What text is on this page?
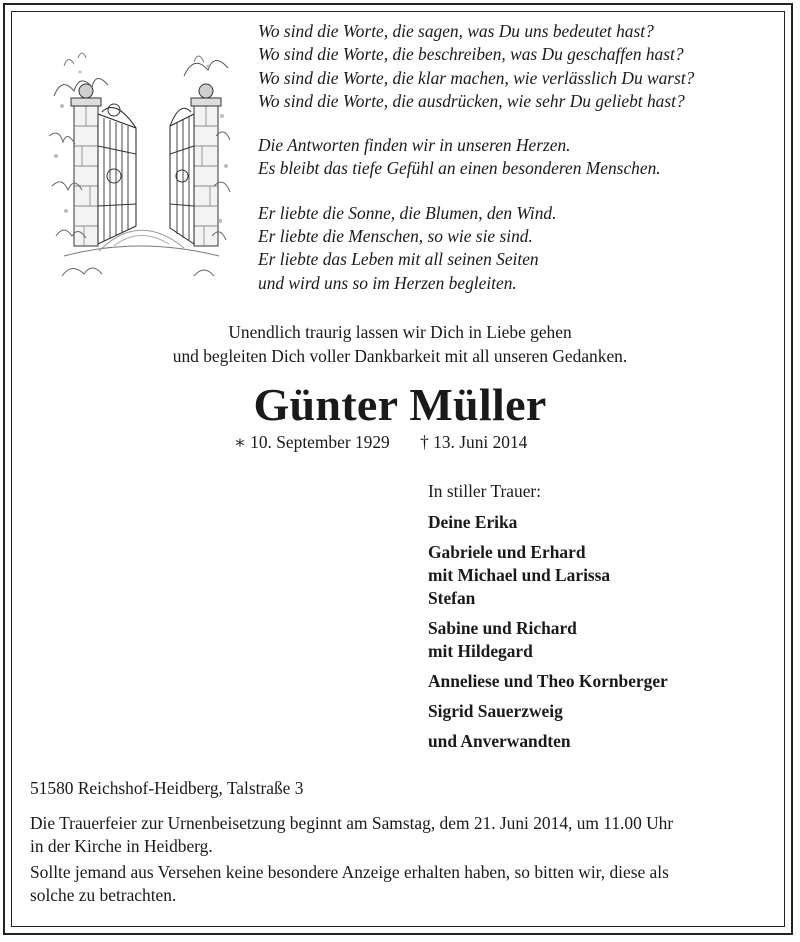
Wo sind die Worte, die sagen, was Du uns bedeutet hast?
Wo sind die Worte, die beschreiben, was Du geschaffen hast?
Wo sind die Worte, die klar machen, wie verlässlich Du warst?
Wo sind die Worte, die ausdrücken, wie sehr Du geliebt hast?

Die Antworten finden wir in unseren Herzen.
Es bleibt das tiefe Gefühl an einen besonderen Menschen.

Er liebte die Sonne, die Blumen, den Wind.
Er liebte die Menschen, so wie sie sind.
Er liebte das Leben mit all seinen Seiten
und wird uns so im Herzen begleiten.

Unendlich traurig lassen wir Dich in Liebe gehen
und begleiten Dich voller Dankbarkeit mit all unseren Gedanken.
Günter Müller
∗ 10. September 1929 † 13. Juni 2014
In stiller Trauer:
Deine Erika
Gabriele und Erhard
mit Michael und Larissa
Stefan
Sabine und Richard
mit Hildegard
Anneliese und Theo Kornberger
Sigrid Sauerzweig
und Anverwandten
51580 Reichshof-Heidberg, Talstraße 3

Die Trauerfeier zur Urnenbeisetzung beginnt am Samstag, dem 21. Juni 2014, um 11.00 Uhr
in der Kirche in Heidberg.

Sollte jemand aus Versehen keine besondere Anzeige erhalten haben, so bitten wir, diese als
solche zu betrachten.
